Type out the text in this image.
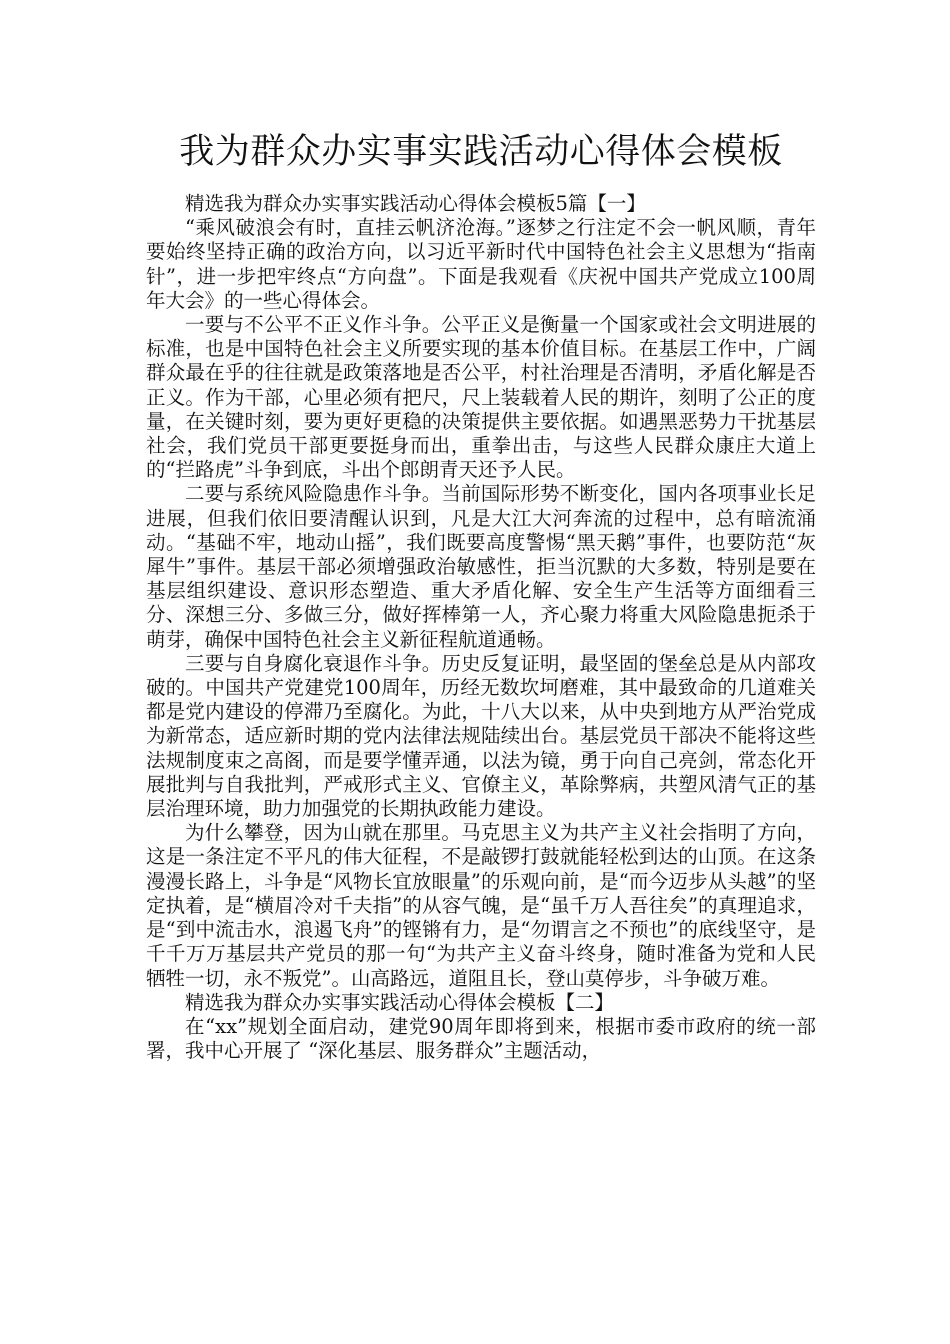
我为群众办实事实践活动心得体会模板

精选我为群众办实事实践活动心得体会模板5篇【一】

“乘风破浪会有时，直挂云帆济沧海。”逐梦之行注定不会一帆风顺，青年要始终坚持正确的政治方向，以习近平新时代中国特色社会主义思想为“指南针”，进一步把牢终点“方向盘”。下面是我观看《庆祝中国共产党成立100周年大会》的一些心得体会。

一要与不公平不正义作斗争。公平正义是衡量一个国家或社会文明进展的标准，也是中国特色社会主义所要实现的基本价值目标。在基层工作中，广阔群众最在乎的往往就是政策落地是否公平，村社治理是否清明，矛盾化解是否正义。作为干部，心里必须有把尺，尺上装载着人民的期许，刻明了公正的度量，在关键时刻，要为更好更稳的决策提供主要依据。如遇黑恶势力干扰基层社会，我们党员干部更要挺身而出，重拳出击，与这些人民群众康庄大道上的“拦路虎”斗争到底，斗出个郎朗青天还予人民。

二要与系统风险隐患作斗争。当前国际形势不断变化，国内各项事业长足进展，但我们依旧要清醒认识到，凡是大江大河奔流的过程中，总有暗流涌动。“基础不牢，地动山摇”，我们既要高度警惕“黑天鹅”事件，也要防范“灰犀牛”事件。基层干部必须增强政治敏感性，拒当沉默的大多数，特别是要在基层组织建设、意识形态塑造、重大矛盾化解、安全生产生活等方面细看三分、深想三分、多做三分，做好挥棒第一人，齐心聚力将重大风险隐患扼杀于萌芽，确保中国特色社会主义新征程航道通畅。

三要与自身腐化衰退作斗争。历史反复证明，最坚固的堡垒总是从内部攻破的。中国共产党建党100周年，历经无数坎坷磨难，其中最致命的几道难关都是党内建设的停滞乃至腐化。为此，十八大以来，从中央到地方从严治党成为新常态，适应新时期的党内法律法规陆续出台。基层党员干部决不能将这些法规制度束之高阁，而是要学懂弄通，以法为镜，勇于向自己亮剑，常态化开展批判与自我批判，严戒形式主义、官僚主义，革除弊病，共塑风清气正的基层治理环境，助力加强党的长期执政能力建设。

为什么攀登，因为山就在那里。马克思主义为共产主义社会指明了方向，这是一条注定不平凡的伟大征程，不是敲锣打鼓就能轻松到达的山顶。在这条漫漫长路上，斗争是“风物长宜放眼量”的乐观向前，是“而今迈步从头越”的坚定执着，是“横眉冷对千夫指”的从容气魄，是“虽千万人吾往矣”的真理追求，是“到中流击水，浪遏飞舟”的铿锵有力，是“勿谓言之不预也”的底线坚守，是千千万万基层共产党员的那一句“为共产主义奋斗终身，随时准备为党和人民牺牲一切，永不叛党”。山高路远，道阻且长，登山莫停步，斗争破万难。

精选我为群众办实事实践活动心得体会模板【二】

在“xx”规划全面启动，建党90周年即将到来，根据市委市政府的统一部署，我中心开展了 “深化基层、服务群众”主题活动，
